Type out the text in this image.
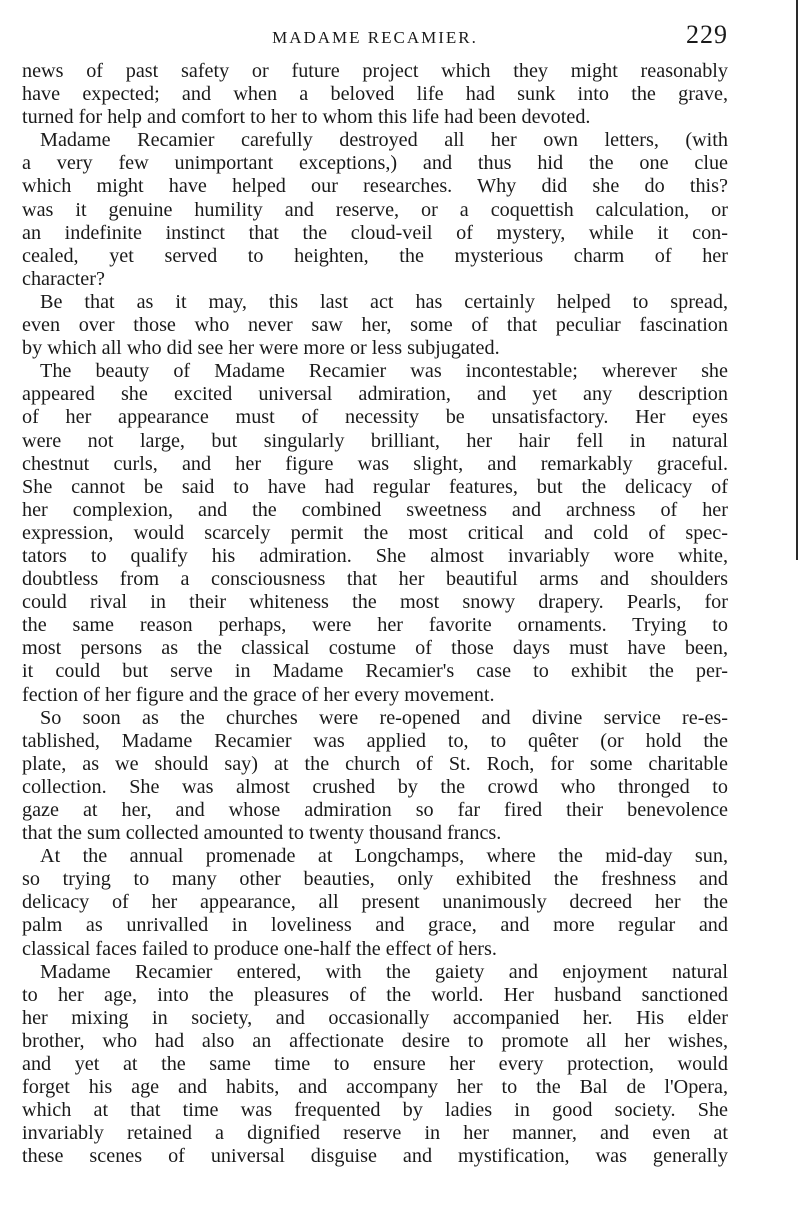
MADAME RECAMIER.	229
news of past safety or future project which they might reasonably
have expected; and when a beloved life had sunk into the grave,
turned for help and comfort to her to whom this life had been devoted.
Madame Recamier carefully destroyed all her own letters, (with
a very few unimportant exceptions,) and thus hid the one clue
which might have helped our researches. Why did she do this?
was it genuine humility and reserve, or a coquettish calculation, or
an indefinite instinct that the cloud-veil of mystery, while it con-
cealed, yet served to heighten, the mysterious charm of her
character?
Be that as it may, this last act has certainly helped to spread,
even over those who never saw her, some of that peculiar fascination
by which all who did see her were more or less subjugated.
The beauty of Madame Recamier was incontestable; wherever she
appeared she excited universal admiration, and yet any description
of her appearance must of necessity be unsatisfactory. Her eyes
were not large, but singularly brilliant, her hair fell in natural
chestnut curls, and her figure was slight, and remarkably graceful.
She cannot be said to have had regular features, but the delicacy of
her complexion, and the combined sweetness and archness of her
expression, would scarcely permit the most critical and cold of spec-
tators to qualify his admiration. She almost invariably wore white,
doubtless from a consciousness that her beautiful arms and shoulders
could rival in their whiteness the most snowy drapery. Pearls, for
the same reason perhaps, were her favorite ornaments. Trying to
most persons as the classical costume of those days must have been,
it could but serve in Madame Recamier's case to exhibit the per-
fection of her figure and the grace of her every movement.
So soon as the churches were re-opened and divine service re-es-
tablished, Madame Recamier was applied to, to quêter (or hold the
plate, as we should say) at the church of St. Roch, for some charitable
collection. She was almost crushed by the crowd who thronged to
gaze at her, and whose admiration so far fired their benevolence
that the sum collected amounted to twenty thousand francs.
At the annual promenade at Longchamps, where the mid-day sun,
so trying to many other beauties, only exhibited the freshness and
delicacy of her appearance, all present unanimously decreed her the
palm as unrivalled in loveliness and grace, and more regular and
classical faces failed to produce one-half the effect of hers.
Madame Recamier entered, with the gaiety and enjoyment natural
to her age, into the pleasures of the world. Her husband sanctioned
her mixing in society, and occasionally accompanied her. His elder
brother, who had also an affectionate desire to promote all her wishes,
and yet at the same time to ensure her every protection, would
forget his age and habits, and accompany her to the Bal de l'Opera,
which at that time was frequented by ladies in good society. She
invariably retained a dignified reserve in her manner, and even at
these scenes of universal disguise and mystification, was generally
